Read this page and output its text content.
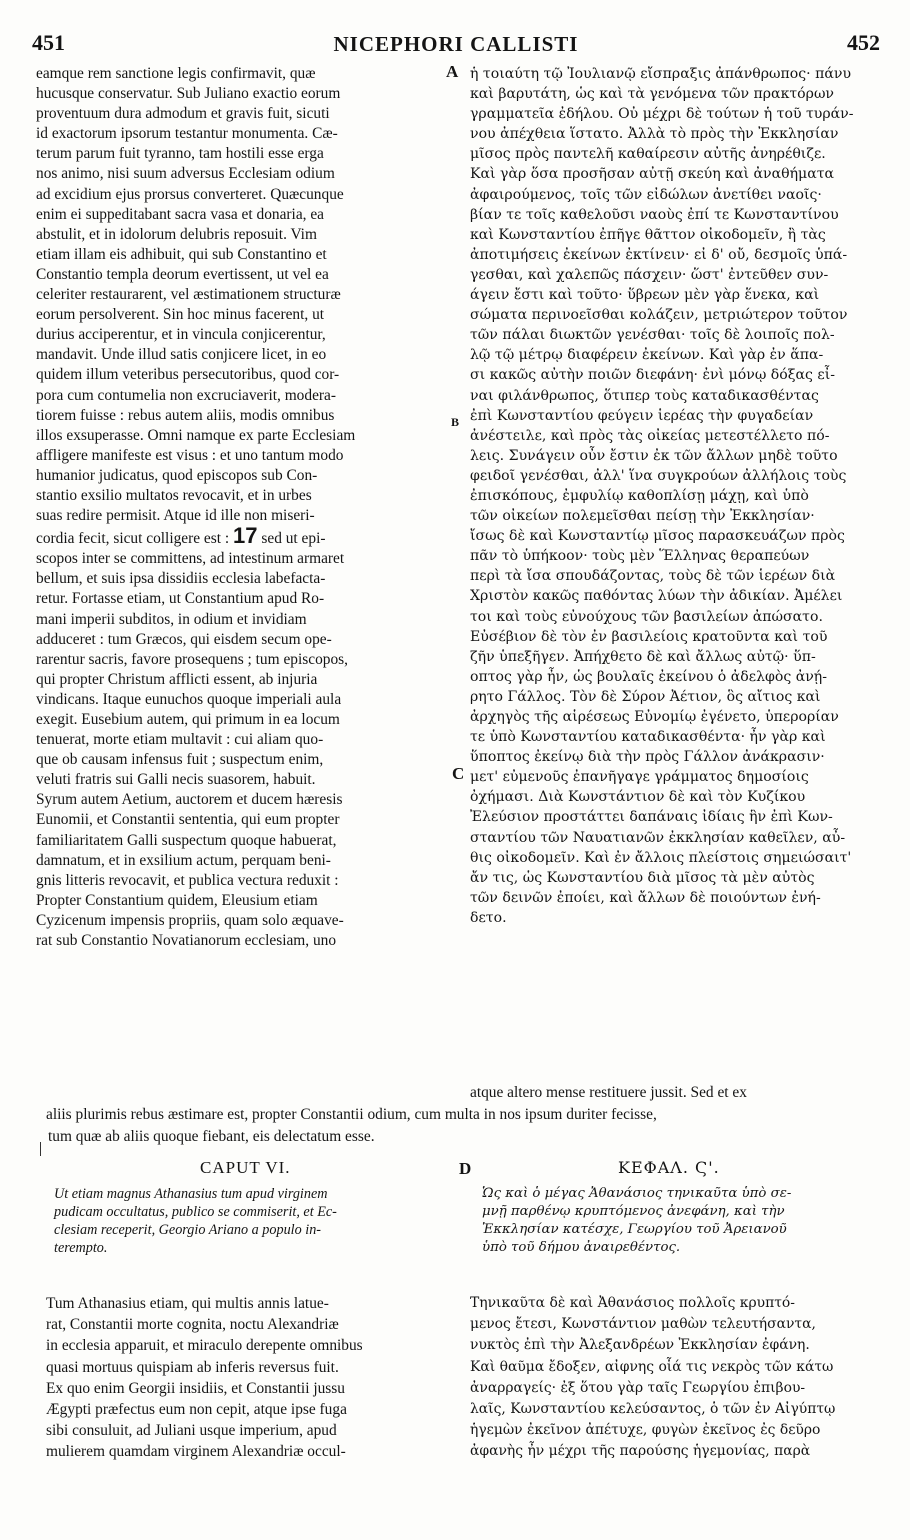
451	NICEPHORI CALLISTI	452
A
B
C
D
eamque rem sanctione legis confirmavit, quæ
hucusque conservatur. Sub Juliano exactio eorum
proventuum dura admodum et gravis fuit, sicuti
id exactorum ipsorum testantur monumenta. Cæ-
terum parum fuit tyranno, tam hostili esse erga
nos animo, nisi suum adversus Ecclesiam odium
ad excidium ejus prorsus converteret. Quæcunque
enim ei suppeditabant sacra vasa et donaria, ea
abstulit, et in idolorum delubris reposuit. Vim
etiam illam eis adhibuit, qui sub Constantino et
Constantio templa deorum evertissent, ut vel ea
celeriter restaurarent, vel æstimationem structuræ
eorum persolverent. Sin hoc minus facerent, ut
durius acciperentur, et in vincula conjicerentur,
mandavit. Unde illud satis conjicere licet, in eo
quidem illum veteribus persecutoribus, quod cor-
pora cum contumelia non excruciaverit, modera-
tiorem fuisse : rebus autem aliis, modis omnibus
illos exsuperasse. Omni namque ex parte Ecclesiam
affligere manifeste est visus : et uno tantum modo
humanior judicatus, quod episcopos sub Con-
stantio exsilio multatos revocavit, et in urbes
suas redire permisit. Atque id ille non miseri-
cordia fecit, sicut colligere est : 17 sed ut epi-
scopos inter se committens, ad intestinum armaret
bellum, et suis ipsa dissidiis ecclesia labefacta-
retur. Fortasse etiam, ut Constantium apud Ro-
mani imperii subditos, in odium et invidiam
adduceret : tum Græcos, qui eisdem secum ope-
rarentur sacris, favore prosequens ; tum episcopos,
qui propter Christum afflicti essent, ab injuria
vindicans. Itaque eunuchos quoque imperiali aula
exegit. Eusebium autem, qui primum in ea locum
tenuerat, morte etiam multavit : cui aliam quo-
que ob causam infensus fuit ; suspectum enim,
veluti fratris sui Galli necis suasorem, habuit.
Syrum autem Aetium, auctorem et ducem hæresis
Eunomii, et Constantii sententia, qui eum propter
familiaritatem Galli suspectum quoque habuerat,
damnatum, et in exsilium actum, perquam beni-
gnis litteris revocavit, et publica vectura reduxit :
Propter Constantium quidem, Eleusium etiam
Cyzicenum impensis propriis, quam solo æquave-
rat sub Constantio Novatianorum ecclesiam, uno
ἡ τοιαύτη τῷ Ἰουλιανῷ εἴσπραξις ἀπάνθρωπος· πάνυ
καὶ βαρυτάτη, ὡς καὶ τὰ γενόμενα τῶν πρακτόρων
γραμματεῖα ἐδήλου. Οὐ μέχρι δὲ τούτων ἡ τοῦ τυράν-
νου ἀπέχθεια ἵστατο. Ἀλλὰ τὸ πρὸς τὴν Ἐκκλησίαν
μῖσος πρὸς παντελῆ καθαίρεσιν αὐτῆς ἀνηρέθιζε.
Καὶ γὰρ ὅσα προσῆσαν αὐτῇ σκεύη καὶ ἀναθήματα
ἀφαιρούμενος, τοῖς τῶν εἰδώλων ἀνετίθει ναοῖς·
βίαν τε τοῖς καθελοῦσι ναοὺς ἐπί τε Κωνσταντίνου
καὶ Κωνσταντίου ἐπῆγε θᾶττον οἰκοδομεῖν, ἢ τὰς
ἀποτιμήσεις ἐκείνων ἐκτίνειν· εἰ δ' οὔ, δεσμοῖς ὑπά-
γεσθαι, καὶ χαλεπῶς πάσχειν· ὥστ' ἐντεῦθεν συν-
άγειν ἔστι καὶ τοῦτο· ὕβρεων μὲν γὰρ ἕνεκα, καὶ
σώματα περινοεῖσθαι κολάζειν, μετριώτερον τοῦτον
τῶν πάλαι διωκτῶν γενέσθαι· τοῖς δὲ λοιποῖς πολ-
λῷ τῷ μέτρῳ διαφέρειν ἐκείνων. Καὶ γὰρ ἐν ἅπα-
σι κακῶς αὐτὴν ποιῶν διεφάνη· ἐνὶ μόνῳ δόξας εἶ-
ναι φιλάνθρωπος, ὅτιπερ τοὺς καταδικασθέντας
ἐπὶ Κωνσταντίου φεύγειν ἱερέας τὴν φυγαδείαν
ἀνέστειλε, καὶ πρὸς τὰς οἰκείας μετεστέλλετο πό-
λεις. Συνάγειν οὖν ἔστιν ἐκ τῶν ἄλλων μηδὲ τοῦτο
φειδοῖ γενέσθαι, ἀλλ' ἵνα συγκρούων ἀλλήλοις τοὺς
ἐπισκόπους, ἐμφυλίῳ καθοπλίσῃ μάχῃ, καὶ ὑπὸ
τῶν οἰκείων πολεμεῖσθαι πείσῃ τὴν Ἐκκλησίαν·
ἴσως δὲ καὶ Κωνσταντίῳ μῖσος παρασκευάζων πρὸς
πᾶν τὸ ὑπήκοον· τοὺς μὲν Ἕλληνας θεραπεύων
περὶ τὰ ἴσα σπουδάζοντας, τοὺς δὲ τῶν ἱερέων διὰ
Χριστὸν κακῶς παθόντας λύων τὴν ἀδικίαν. Ἀμέλει
τοι καὶ τοὺς εὐνούχους τῶν βασιλείων ἀπώσατο.
Εὐσέβιον δὲ τὸν ἐν βασιλείοις κρατοῦντα καὶ τοῦ
ζῆν ὑπεξῆγεν. Ἀπήχθετο δὲ καὶ ἄλλως αὐτῷ· ὕπ-
οπτος γὰρ ἦν, ὡς βουλαῖς ἐκείνου ὁ ἀδελφὸς ἀνῄ-
ρητο Γάλλος. Τὸν δὲ Σύρον Ἀέτιον, ὃς αἴτιος καὶ
ἀρχηγὸς τῆς αἱρέσεως Εὐνομίῳ ἐγένετο, ὑπερορίαν
τε ὑπὸ Κωνσταντίου καταδικασθέντα· ἦν γὰρ καὶ
ὕποπτος ἐκείνῳ διὰ τὴν πρὸς Γάλλον ἀνάκρασιν·
μετ' εὐμενοῦς ἐπανῆγαγε γράμματος δημοσίοις
ὀχήμασι. Διὰ Κωνστάντιον δὲ καὶ τὸν Κυζίκου
Ἐλεύσιον προστάττει δαπάναις ἰδίαις ἣν ἐπὶ Κων-
σταντίου τῶν Ναυατιανῶν ἐκκλησίαν καθεῖλεν, αὖ-
θις οἰκοδομεῖν. Καὶ ἐν ἄλλοις πλείστοις σημειώσαιτ'
ἄν τις, ὡς Κωνσταντίου διὰ μῖσος τὰ μὲν αὐτὸς
τῶν δεινῶν ἐποίει, καὶ ἄλλων δὲ ποιούντων ἐνή-
δετο.
atque altero mense restituere jussit. Sed et ex
aliis plurimis rebus æstimare est, propter Constantii odium, cum multa in nos ipsum duriter fecisse,
tum quæ ab aliis quoque fiebant, eis delectatum esse.
CAPUT VI.	ΚΕΦΑΛ. Ϛ'.
Ut etiam magnus Athanasius tum apud virginem
pudicam occultatus, publico se commiserit, et Ec-
clesiam receperit, Georgio Ariano a populo in-
terempto.
Ὡς καὶ ὁ μέγας Ἀθανάσιος τηνικαῦτα ὑπὸ σε-
μνῇ παρθένῳ κρυπτόμενος ἀνεφάνη, καὶ τὴν
Ἐκκλησίαν κατέσχε, Γεωργίου τοῦ Ἀρειανοῦ
ὑπὸ τοῦ δήμου ἀναιρεθέντος.
Tum Athanasius etiam, qui multis annis latue-
rat, Constantii morte cognita, noctu Alexandriæ
in ecclesia apparuit, et miraculo derepente omnibus
quasi mortuus quispiam ab inferis reversus fuit.
Ex quo enim Georgii insidiis, et Constantii jussu
Ægypti præfectus eum non cepit, atque ipse fuga
sibi consuluit, ad Juliani usque imperium, apud
mulierem quamdam virginem Alexandriæ occul-
Τηνικαῦτα δὲ καὶ Ἀθανάσιος πολλοῖς κρυπτό-
μενος ἔτεσι, Κωνστάντιον μαθὼν τελευτήσαντα,
νυκτὸς ἐπὶ τὴν Ἀλεξανδρέων Ἐκκλησίαν ἐφάνη.
Καὶ θαῦμα ἔδοξεν, αἰφνης οἷά τις νεκρὸς τῶν κάτω
ἀναρραγείς· ἐξ ὅτου γὰρ ταῖς Γεωργίου ἐπιβου-
λαῖς, Κωνσταντίου κελεύσαντος, ὁ τῶν ἐν Αἰγύπτῳ
ἡγεμὼν ἐκεῖνον ἀπέτυχε, φυγὼν ἐκεῖνος ἐς δεῦρο
ἀφανὴς ἦν μέχρι τῆς παρούσης ἡγεμονίας, παρὰ
